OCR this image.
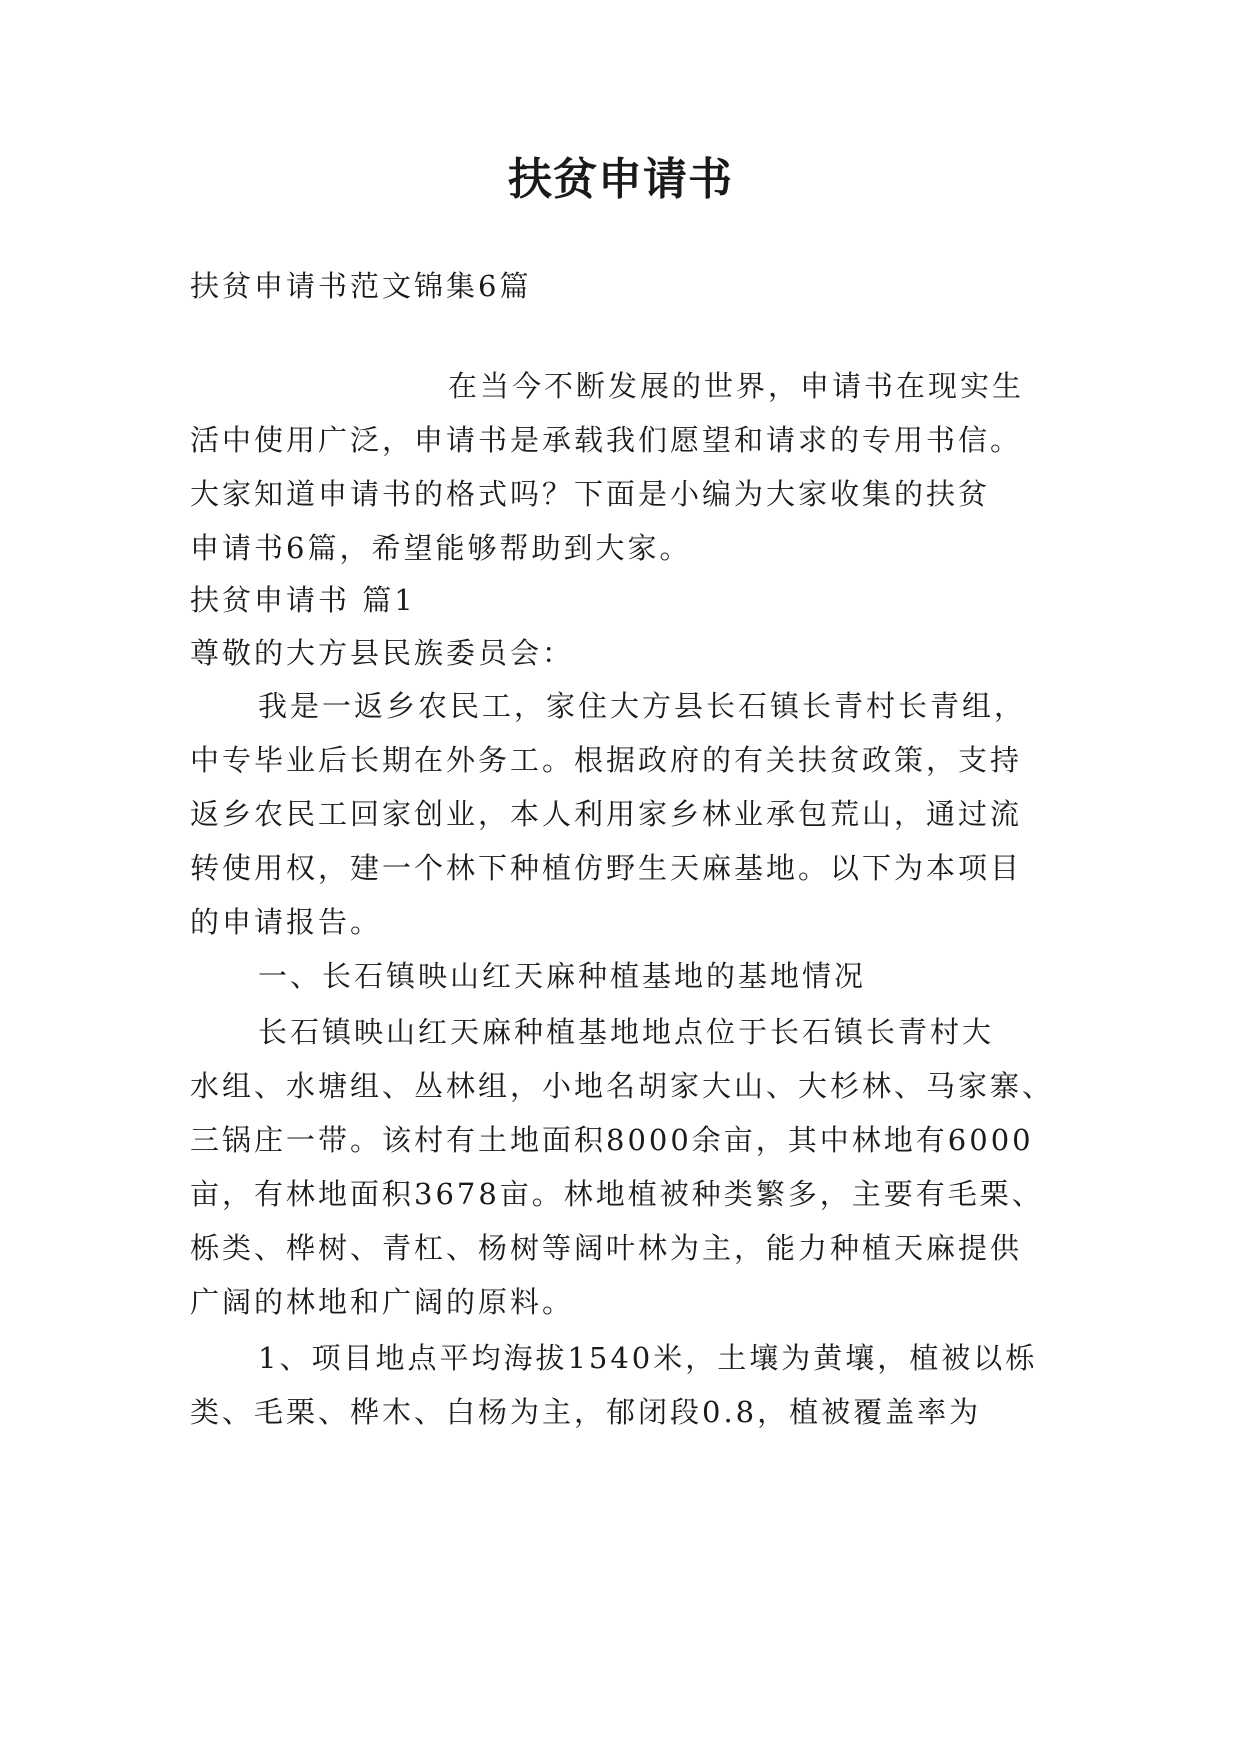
扶贫申请书
扶贫申请书范文锦集6篇
在当今不断发展的世界，申请书在现实生
活中使用广泛，申请书是承载我们愿望和请求的专用书信。
大家知道申请书的格式吗？下面是小编为大家收集的扶贫
申请书6篇，希望能够帮助到大家。
扶贫申请书 篇1
尊敬的大方县民族委员会：
我是一返乡农民工，家住大方县长石镇长青村长青组，
中专毕业后长期在外务工。根据政府的有关扶贫政策，支持
返乡农民工回家创业，本人利用家乡林业承包荒山，通过流
转使用权，建一个林下种植仿野生天麻基地。以下为本项目
的申请报告。
一、长石镇映山红天麻种植基地的基地情况
长石镇映山红天麻种植基地地点位于长石镇长青村大
水组、水塘组、丛林组，小地名胡家大山、大杉林、马家寨、
三锅庄一带。该村有土地面积8000余亩，其中林地有6000
亩，有林地面积3678亩。林地植被种类繁多，主要有毛栗、
栎类、桦树、青杠、杨树等阔叶林为主，能力种植天麻提供
广阔的林地和广阔的原料。
1、项目地点平均海拔1540米，土壤为黄壤，植被以栎
类、毛栗、桦木、白杨为主，郁闭段0.8，植被覆盖率为
